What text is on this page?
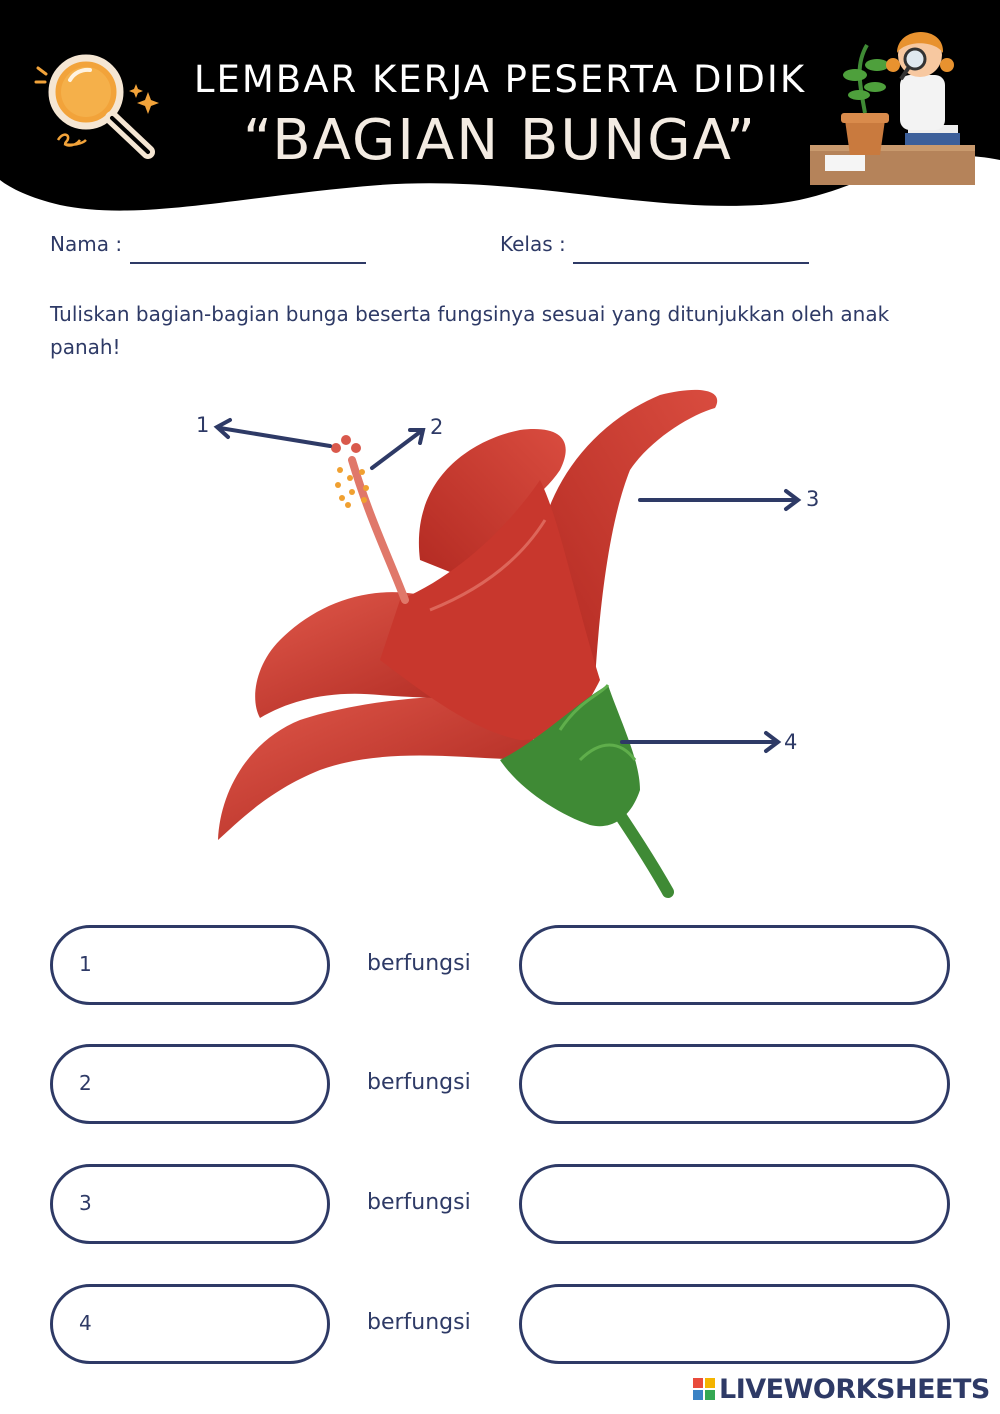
LEMBAR KERJA PESERTA DIDIK
“BAGIAN BUNGA”
Nama :	Kelas :
Tuliskan bagian-bagian bunga beserta fungsinya sesuai yang ditunjukkan oleh anak panah!
1	2
3
4
1	berfungsi
2	berfungsi
3	berfungsi
4	berfungsi
LIVEWORKSHEETS
